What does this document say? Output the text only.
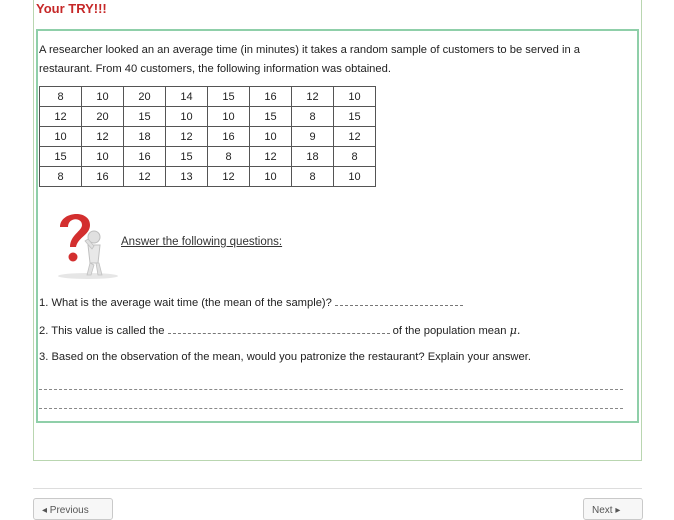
Your TRY!!!
A researcher looked an an average time (in minutes) it takes a random sample of customers to be served in a restaurant. From 40 customers, the following information was obtained.
8	10	20	14	15	16	12	10
12	20	15	10	10	15	8	15
10	12	18	12	16	10	9	12
15	10	16	15	8	12	18	8
8	16	12	13	12	10	8	10
Answer the following questions:
1. What is the average wait time (the mean of the sample)?
2. This value is called the	of the population mean μ.
3. Based on the observation of the mean, would you patronize the restaurant? Explain your answer.
◂ Previous	Next ▸
